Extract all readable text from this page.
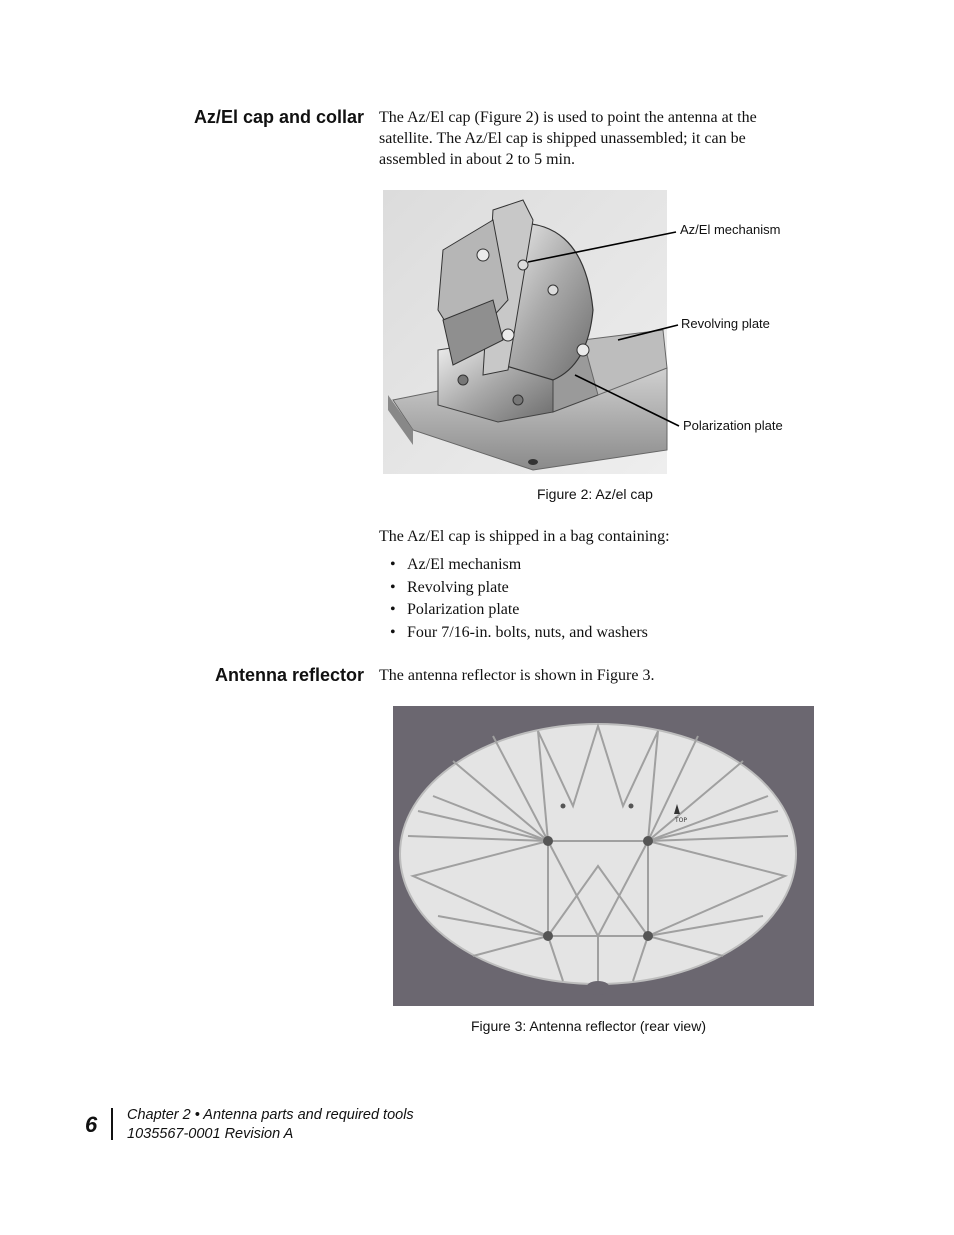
Az/El cap and collar The Az/El cap (Figure 2) is used to point the antenna at the
satellite. The Az/El cap is shipped unassembled; it can be
assembled in about 2 to 5 min.

Az/El mechanism
Revolving plate
Polarization plate

Figure 2: Az/el cap

The Az/El cap is shipped in a bag containing:

• Az/El mechanism
• Revolving plate
• Polarization plate
• Four 7/16-in. bolts, nuts, and washers
Antenna reflector The antenna reflector is shown in Figure 3.

TOP

Figure 3: Antenna reflector (rear view)

6 Chapter 2 • Antenna parts and required tools
1035567-0001 Revision A
